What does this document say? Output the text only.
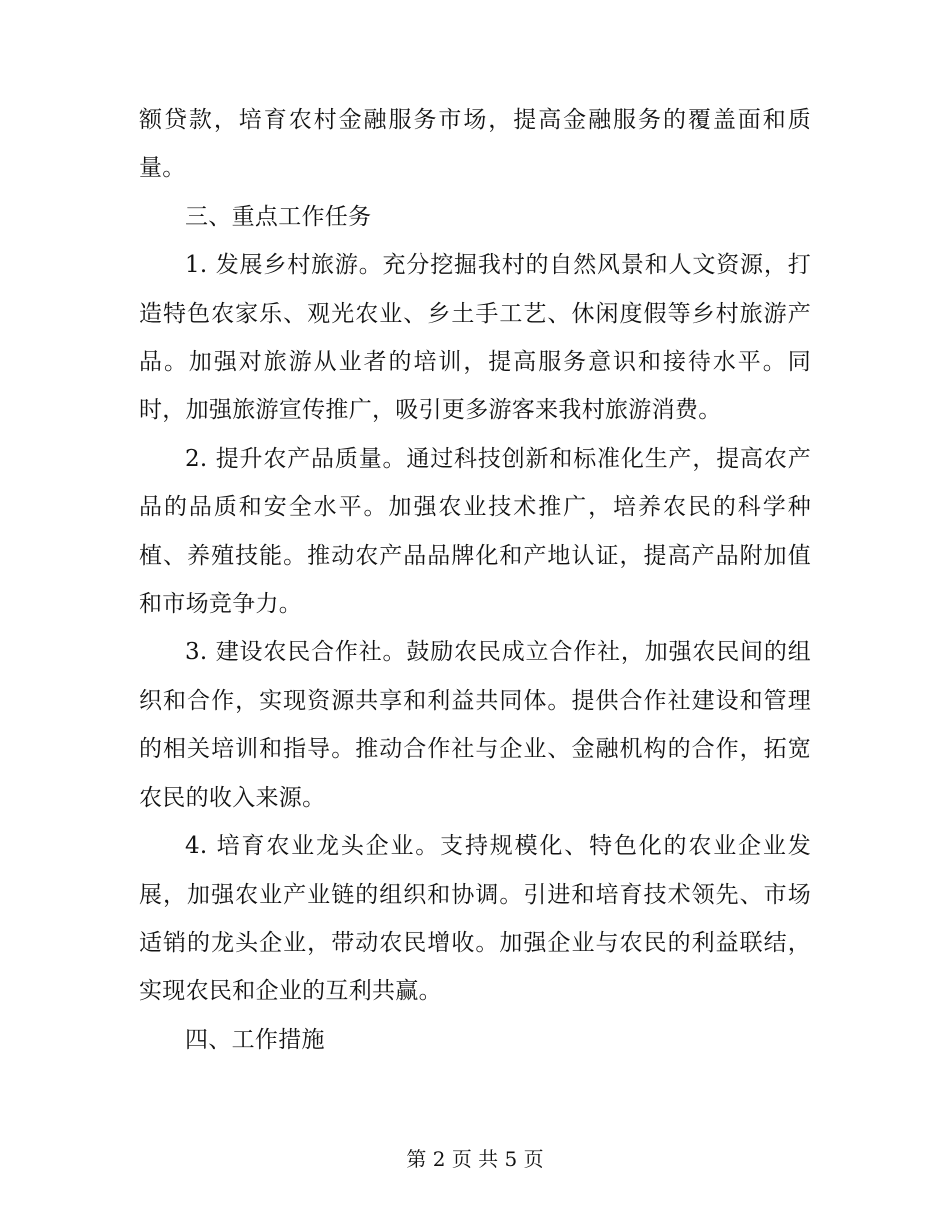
额贷款，培育农村金融服务市场，提高金融服务的覆盖面和质量。

三、重点工作任务

1. 发展乡村旅游。充分挖掘我村的自然风景和人文资源，打造特色农家乐、观光农业、乡土手工艺、休闲度假等乡村旅游产品。加强对旅游从业者的培训，提高服务意识和接待水平。同时，加强旅游宣传推广，吸引更多游客来我村旅游消费。

2. 提升农产品质量。通过科技创新和标准化生产，提高农产品的品质和安全水平。加强农业技术推广，培养农民的科学种植、养殖技能。推动农产品品牌化和产地认证，提高产品附加值和市场竞争力。

3. 建设农民合作社。鼓励农民成立合作社，加强农民间的组织和合作，实现资源共享和利益共同体。提供合作社建设和管理的相关培训和指导。推动合作社与企业、金融机构的合作，拓宽农民的收入来源。

4. 培育农业龙头企业。支持规模化、特色化的农业企业发展，加强农业产业链的组织和协调。引进和培育技术领先、市场适销的龙头企业，带动农民增收。加强企业与农民的利益联结，实现农民和企业的互利共赢。

四、工作措施

第 2 页 共 5 页
